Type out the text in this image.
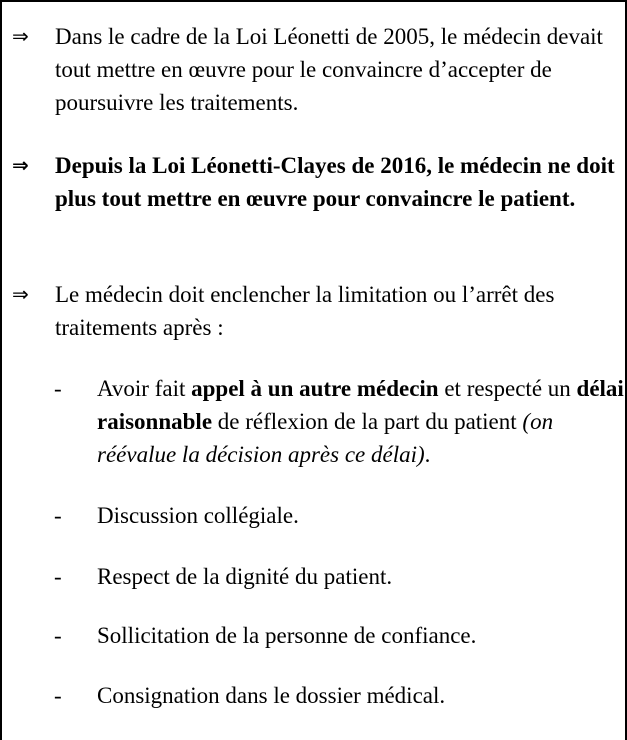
⇒	Dans le cadre de la Loi Léonetti de 2005, le médecin devait tout mettre en œuvre pour le convaincre d’accepter de poursuivre les traitements.
⇒	Depuis la Loi Léonetti-Clayes de 2016, le médecin ne doit plus tout mettre en œuvre pour convaincre le patient.
⇒	Le médecin doit enclencher la limitation ou l’arrêt des traitements après :
-	Avoir fait appel à un autre médecin et respecté un délai raisonnable de réflexion de la part du patient (on réévalue la décision après ce délai).
-	Discussion collégiale.
-	Respect de la dignité du patient.
-	Sollicitation de la personne de confiance.
-	Consignation dans le dossier médical.
